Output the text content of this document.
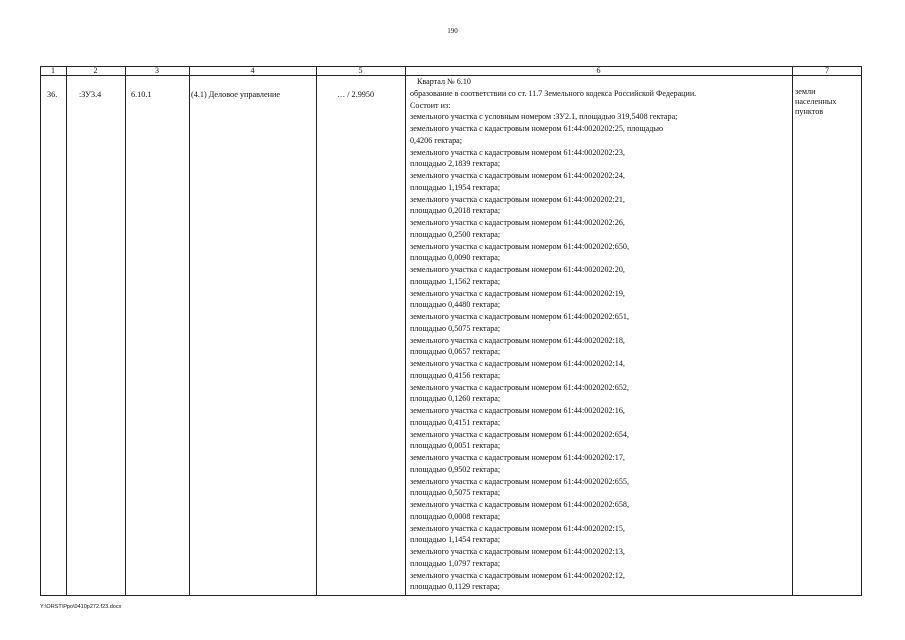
190
1
36.
2
:ЗУ3.4
3
6.10.1
4
(4.1) Деловое управление
5
… / 2.9950
6
Квартал № 6.10
образование в соответствии со ст. 11.7 Земельного кодекса Российской Федерации.
Состоит из:
земельного участка с условным номером :ЗУ2.1, площадью 319,5408 гектара;
земельного участка с кадастровым номером 61:44:0020202:25, площадью
0,4206 гектара;
земельного участка с кадастровым номером 61:44:0020202:23,
площадью 2,1839 гектара;
земельного участка с кадастровым номером 61:44:0020202:24,
площадью 1,1954 гектара;
земельного участка с кадастровым номером 61:44:0020202:21,
площадью 0,2018 гектара;
земельного участка с кадастровым номером 61:44:0020202:26,
площадью 0,2500 гектара;
земельного участка с кадастровым номером 61:44:0020202:650,
площадью 0,0090 гектара;
земельного участка с кадастровым номером 61:44:0020202:20,
площадью 1,1562 гектара;
земельного участка с кадастровым номером 61:44:0020202:19,
площадью 0,4480 гектара;
земельного участка с кадастровым номером 61:44:0020202:651,
площадью 0,5075 гектара;
земельного участка с кадастровым номером 61:44:0020202:18,
площадью 0,0657 гектара;
земельного участка с кадастровым номером 61:44:0020202:14,
площадью 0,4156 гектара;
земельного участка с кадастровым номером 61:44:0020202:652,
площадью 0,1260 гектара;
земельного участка с кадастровым номером 61:44:0020202:16,
площадью 0,4151 гектара;
земельного участка с кадастровым номером 61:44:0020202:654,
площадью 0,0051 гектара;
земельного участка с кадастровым номером 61:44:0020202:17,
площадью 0,9502 гектара;
земельного участка с кадастровым номером 61:44:0020202:655,
площадью 0,5075 гектара;
земельного участка с кадастровым номером 61:44:0020202:658,
площадью 0,0008 гектара;
земельного участка с кадастровым номером 61:44:0020202:15,
площадью 1,1454 гектара;
земельного участка с кадастровым номером 61:44:0020202:13,
площадью 1,0797 гектара;
земельного участка с кадастровым номером 61:44:0020202:12,
площадью 0,1129 гектара;
7
земли
населенных
пунктов
Y:\ORST\Ppo\0410p272.f23.docx
